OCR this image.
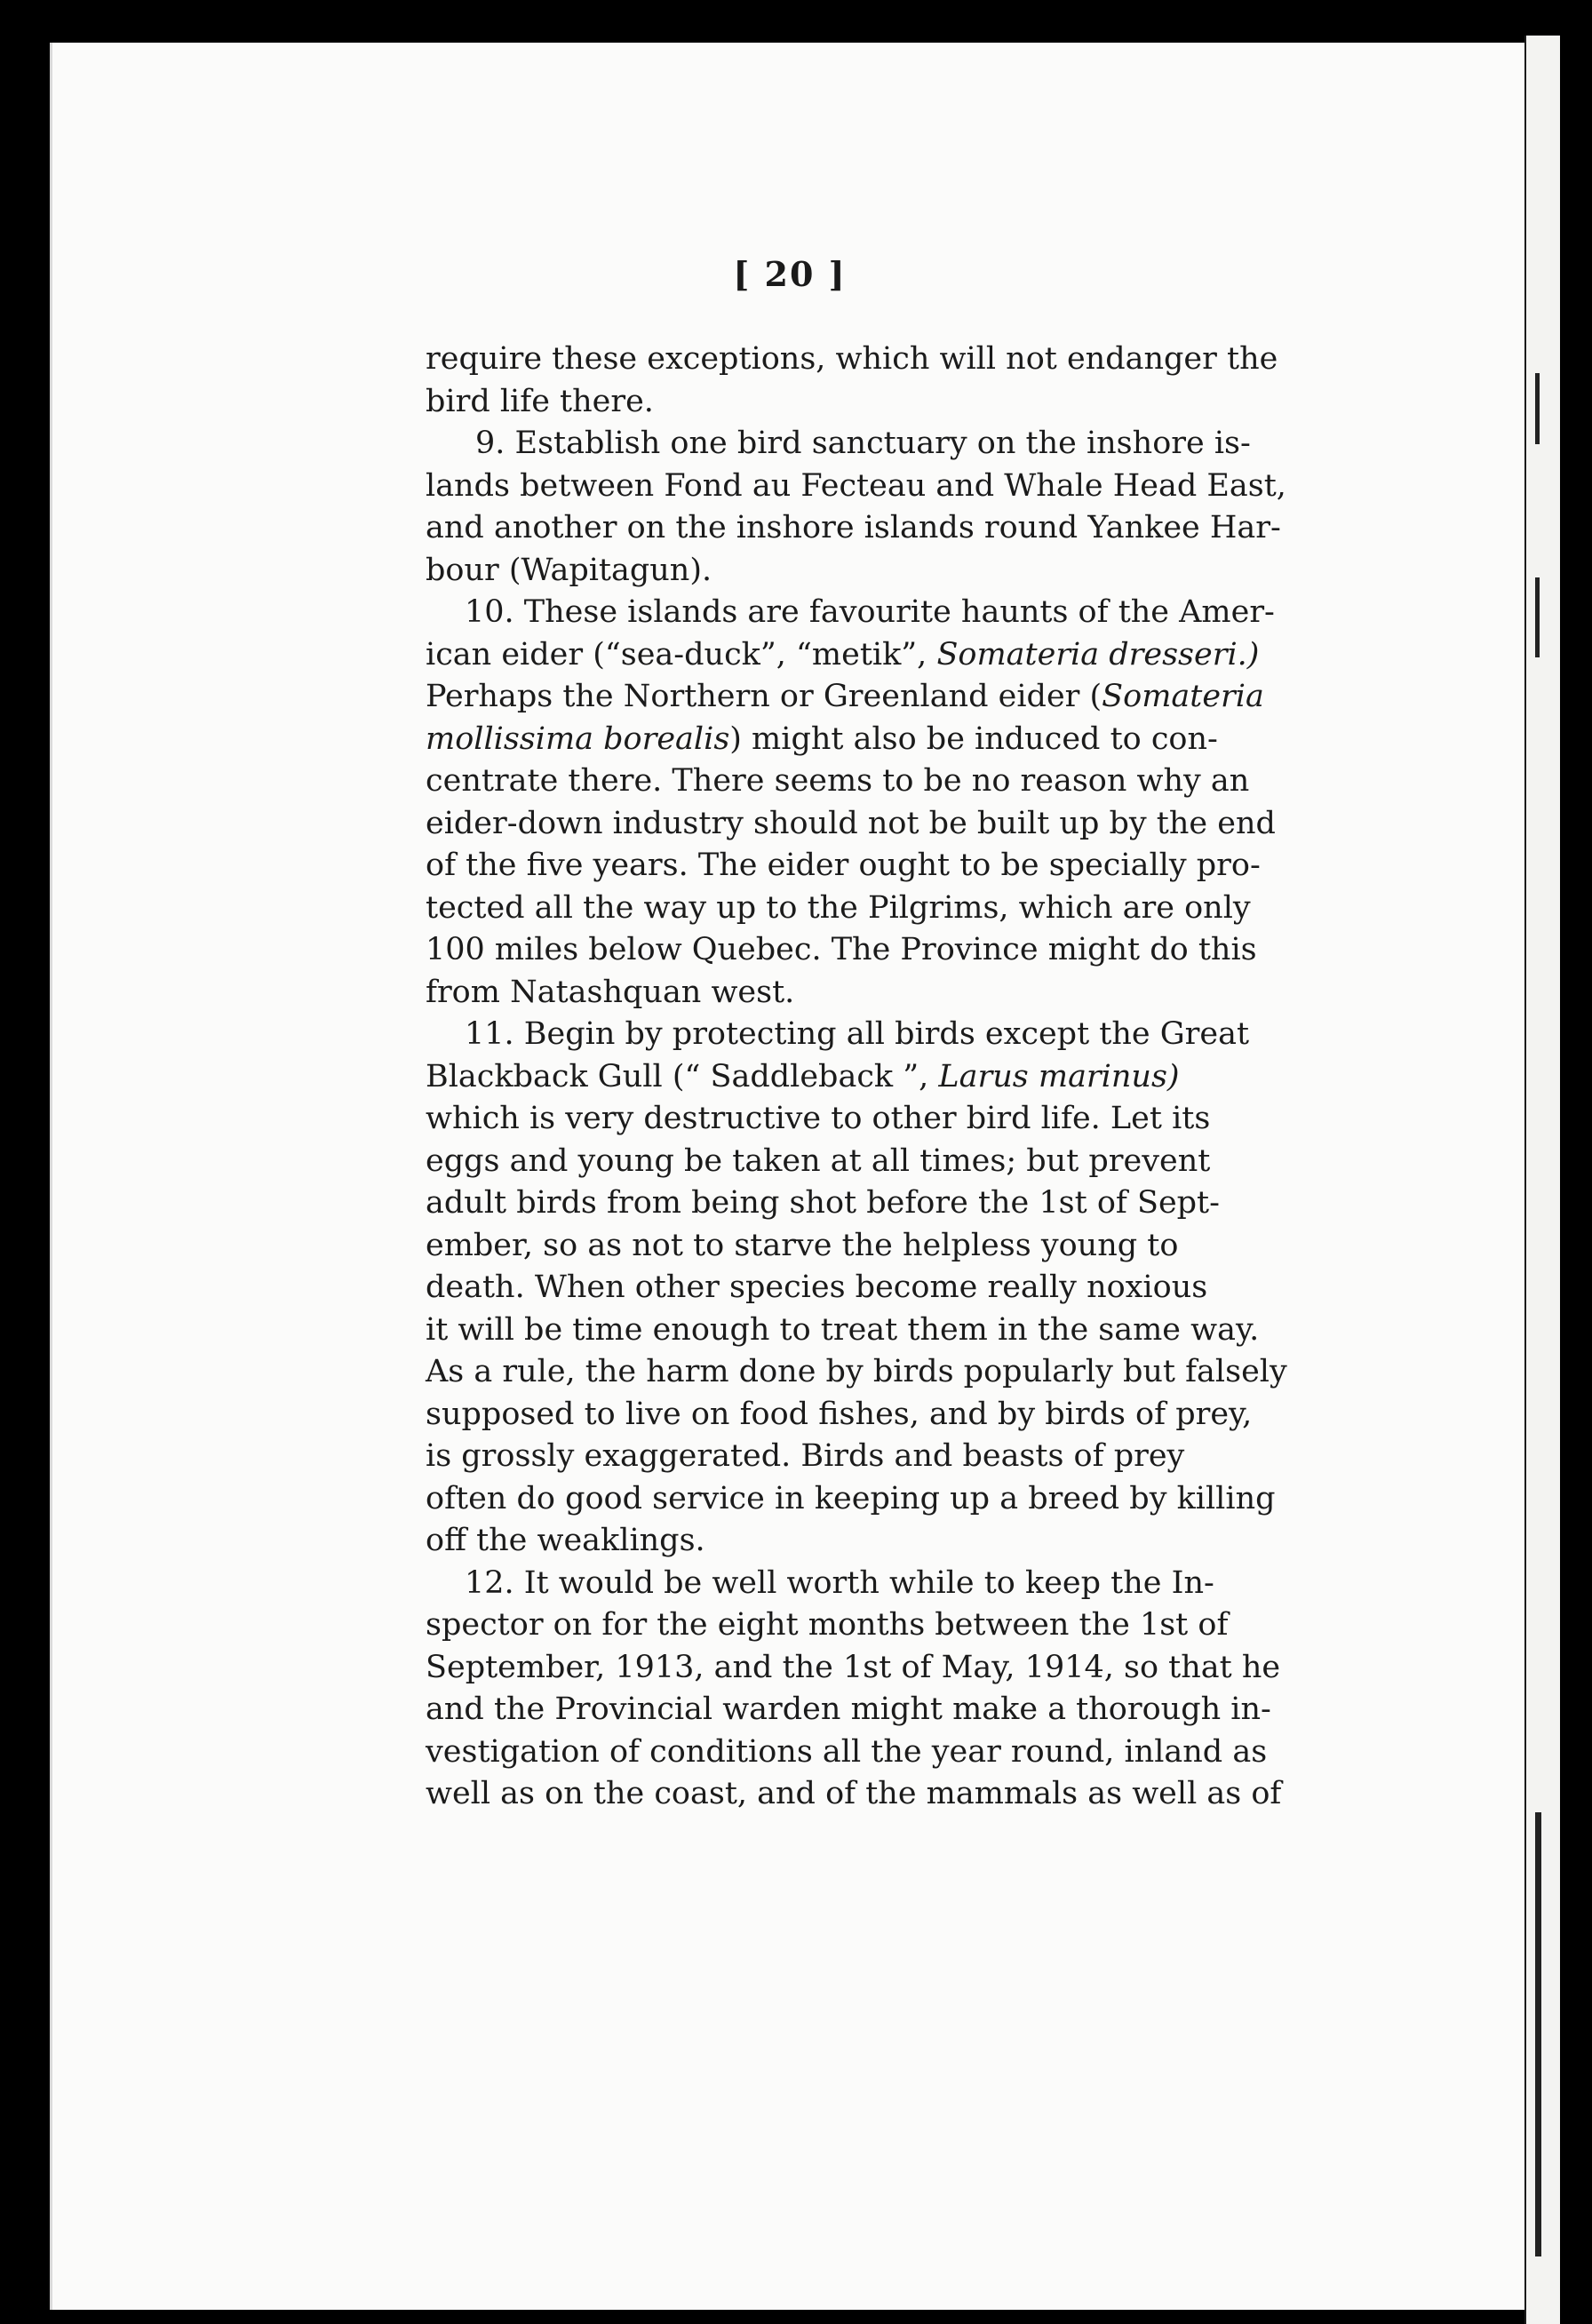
[ 20 ]

require these exceptions, which will not endanger the
bird life there.

9. Establish one bird sanctuary on the inshore is-
lands between Fond au Fecteau and Whale Head East,
and another on the inshore islands round Yankee Har-
bour (Wapitagun).

10. These islands are favourite haunts of the Amer-
ican eider (“sea-duck”, “metik”, Somateria dresseri.)
Perhaps the Northern or Greenland eider (Somateria
mollissima borealis) might also be induced to con-
centrate there. There seems to be no reason why an
eider-down industry should not be built up by the end
of the five years. The eider ought to be specially pro-
tected all the way up to the Pilgrims, which are only
100 miles below Quebec. The Province might do this
from Natashquan west.

11. Begin by protecting all birds except the Great
Blackback Gull (“ Saddleback ”, Larus marinus)
which is very destructive to other bird life. Let its
eggs and young be taken at all times; but prevent
adult birds from being shot before the 1st of Sept-
ember, so as not to starve the helpless young to
death. When other species become really noxious
it will be time enough to treat them in the same way.
As a rule, the harm done by birds popularly but falsely
supposed to live on food fishes, and by birds of prey,
is grossly exaggerated. Birds and beasts of prey
often do good service in keeping up a breed by killing
off the weaklings.

12. It would be well worth while to keep the In-
spector on for the eight months between the 1st of
September, 1913, and the 1st of May, 1914, so that he
and the Provincial warden might make a thorough in-
vestigation of conditions all the year round, inland as
well as on the coast, and of the mammals as well as of
